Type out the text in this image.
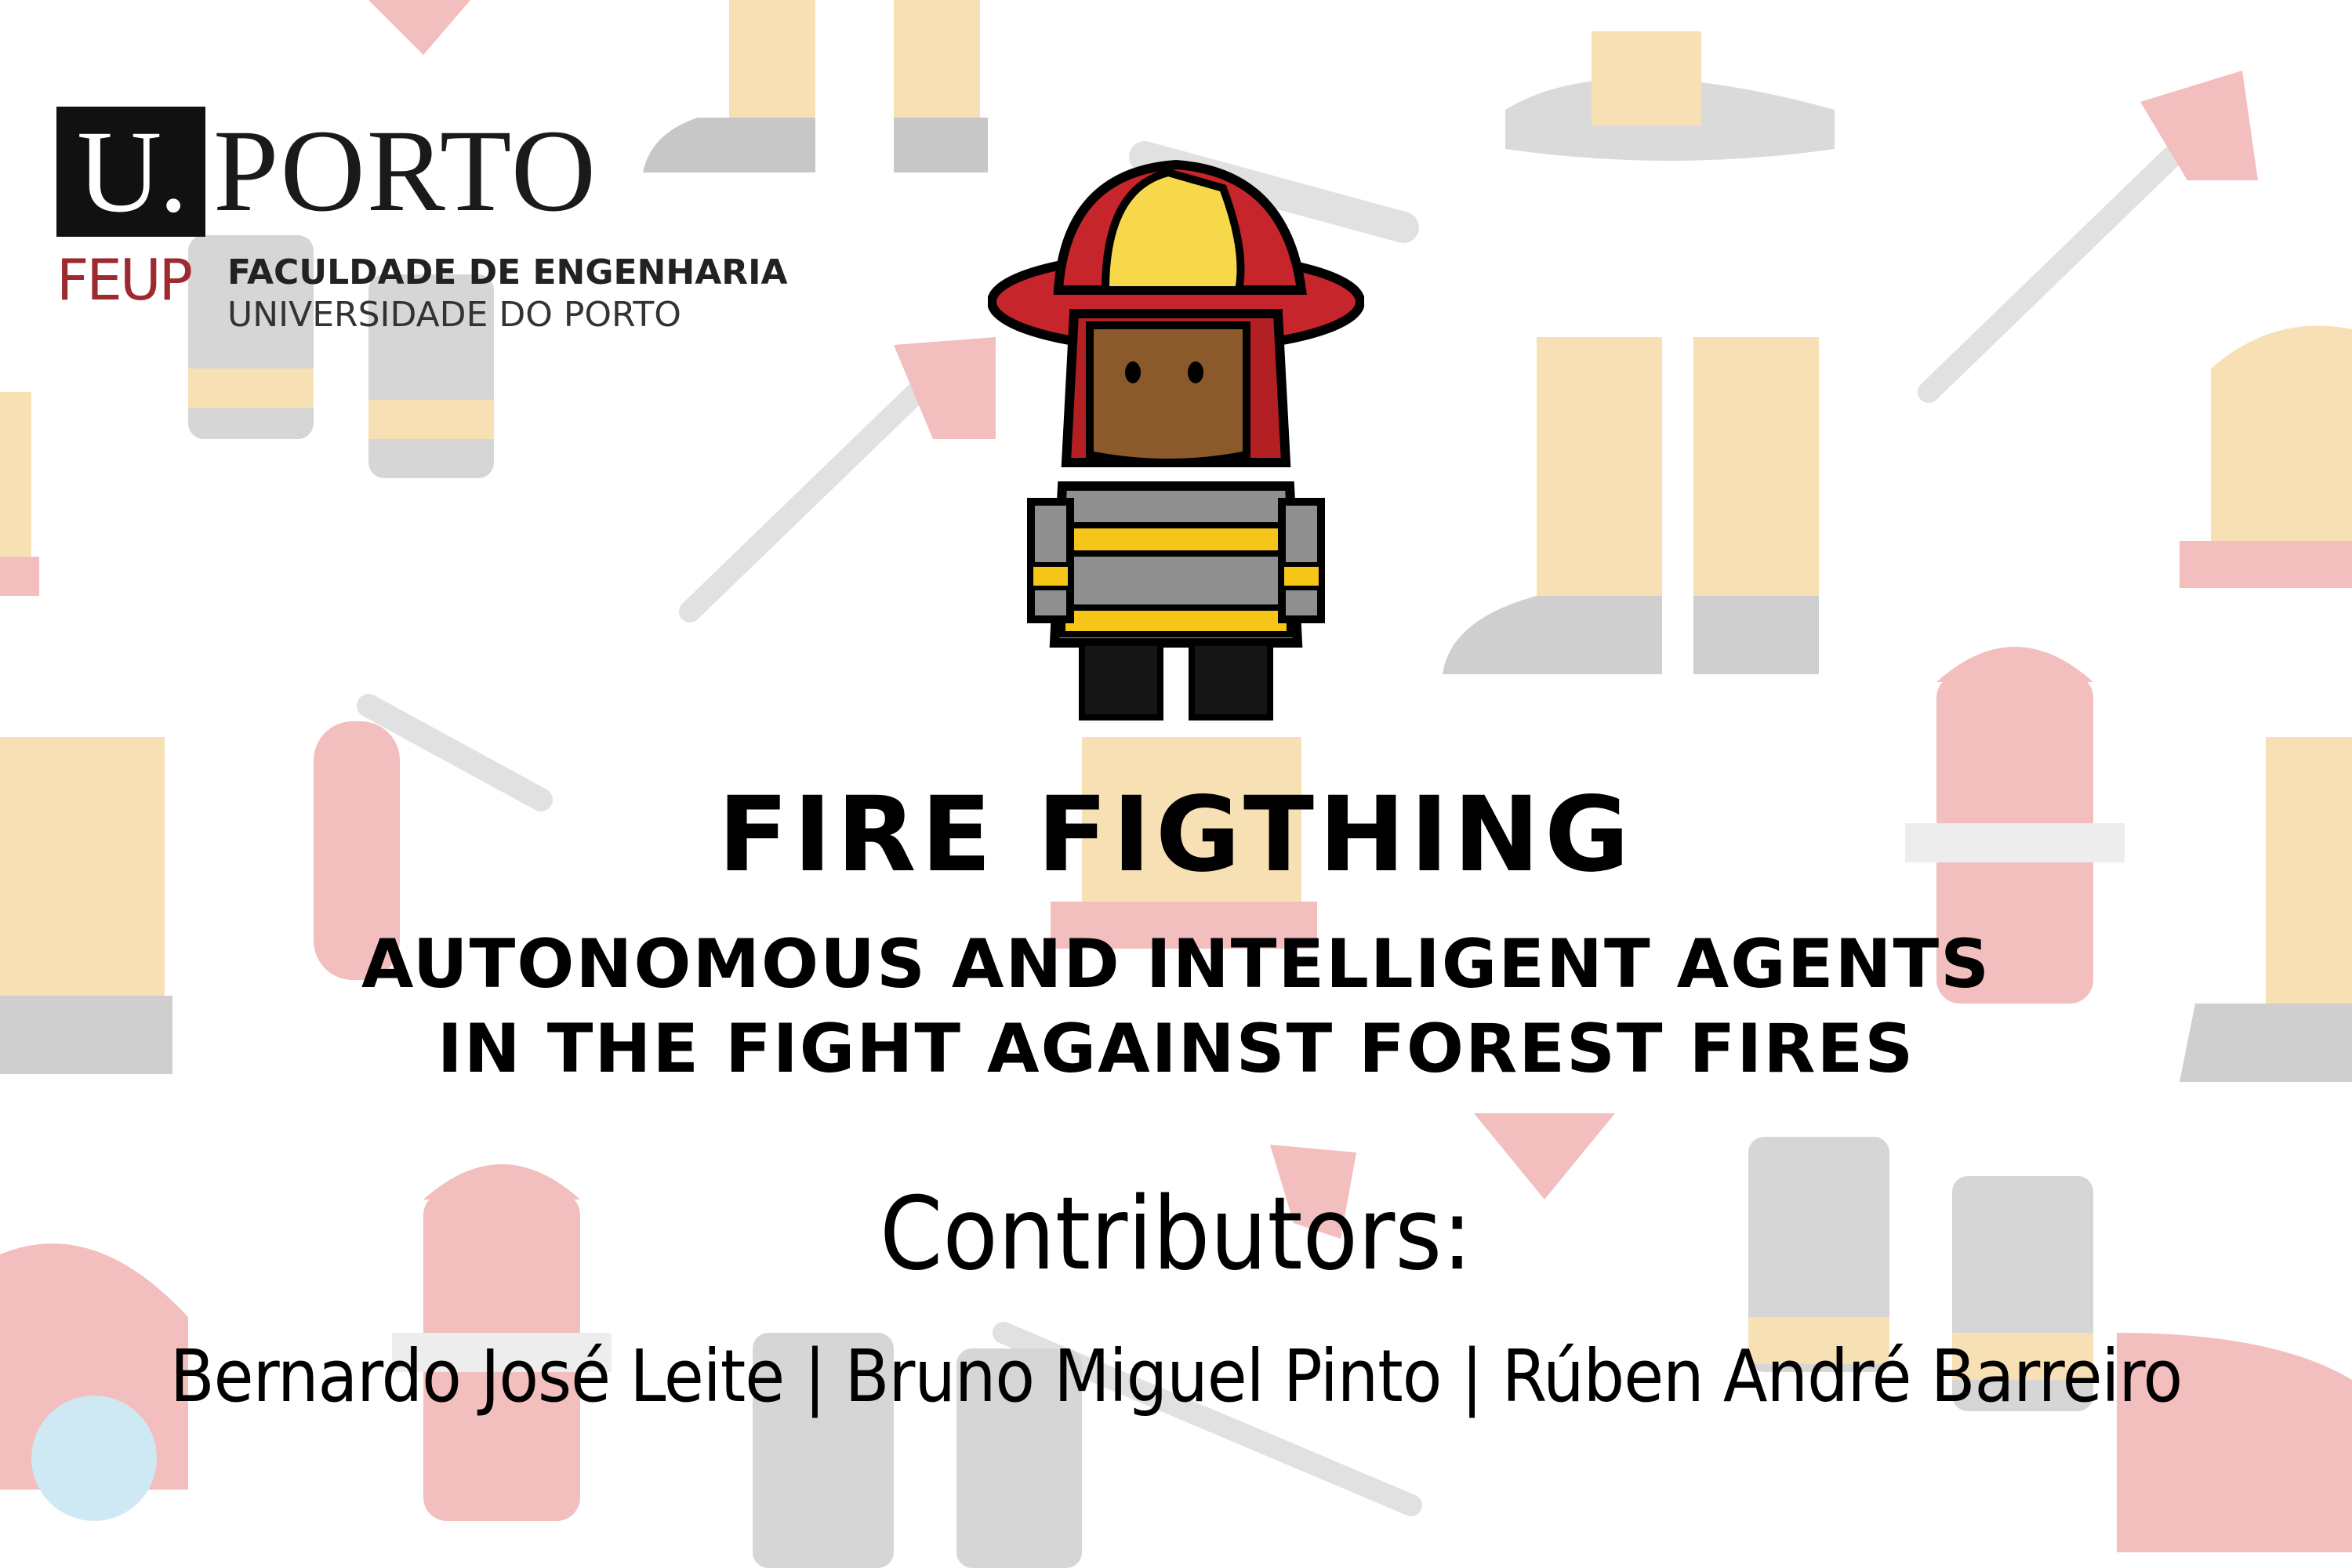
U. PORTO
FEUP FACULDADE DE ENGENHARIA
UNIVERSIDADE DO PORTO
FIRE FIGTHING
AUTONOMOUS AND INTELLIGENT AGENTS
IN THE FIGHT AGAINST FOREST FIRES
Contributors:
Bernardo José Leite | Bruno Miguel Pinto | Rúben André Barreiro
